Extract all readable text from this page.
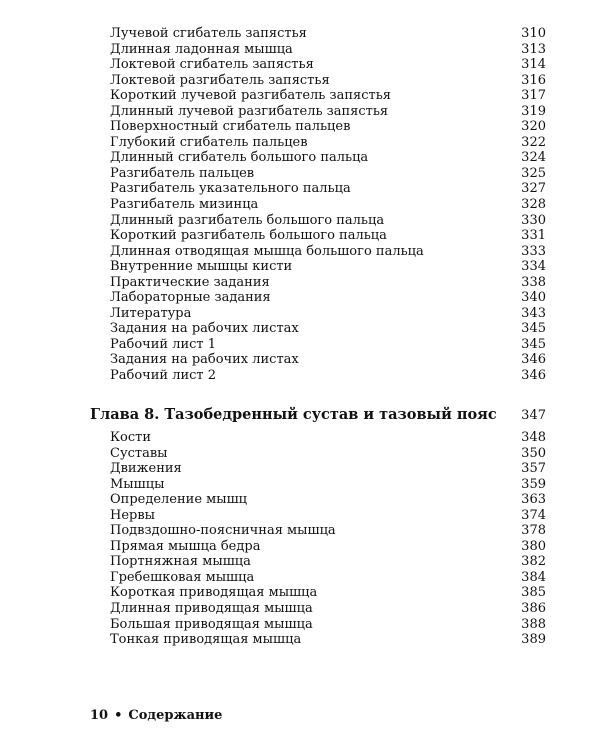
Лучевой сгибатель запястья	310
Длинная ладонная мышца	313
Локтевой сгибатель запястья	314
Локтевой разгибатель запястья	316
Короткий лучевой разгибатель запястья	317
Длинный лучевой разгибатель запястья	319
Поверхностный сгибатель пальцев	320
Глубокий сгибатель пальцев	322
Длинный сгибатель большого пальца	324
Разгибатель пальцев	325
Разгибатель указательного пальца	327
Разгибатель мизинца	328
Длинный разгибатель большого пальца	330
Короткий разгибатель большого пальца	331
Длинная отводящая мышца большого пальца	333
Внутренние мышцы кисти	334
Практические задания	338
Лабораторные задания	340
Литература	343
Задания на рабочих листах	345
Рабочий лист 1	345
Задания на рабочих листах	346
Рабочий лист 2	346
Глава 8. Тазобедренный сустав и тазовый пояс 347
Кости	348
Суставы	350
Движения	357
Мышцы	359
Определение мышц	363
Нервы	374
Подвздошно-поясничная мышца	378
Прямая мышца бедра	380
Портняжная мышца	382
Гребешковая мышца	384
Короткая приводящая мышца	385
Длинная приводящая мышца	386
Большая приводящая мышца	388
Тонкая приводящая мышца	389
10 • Содержание
